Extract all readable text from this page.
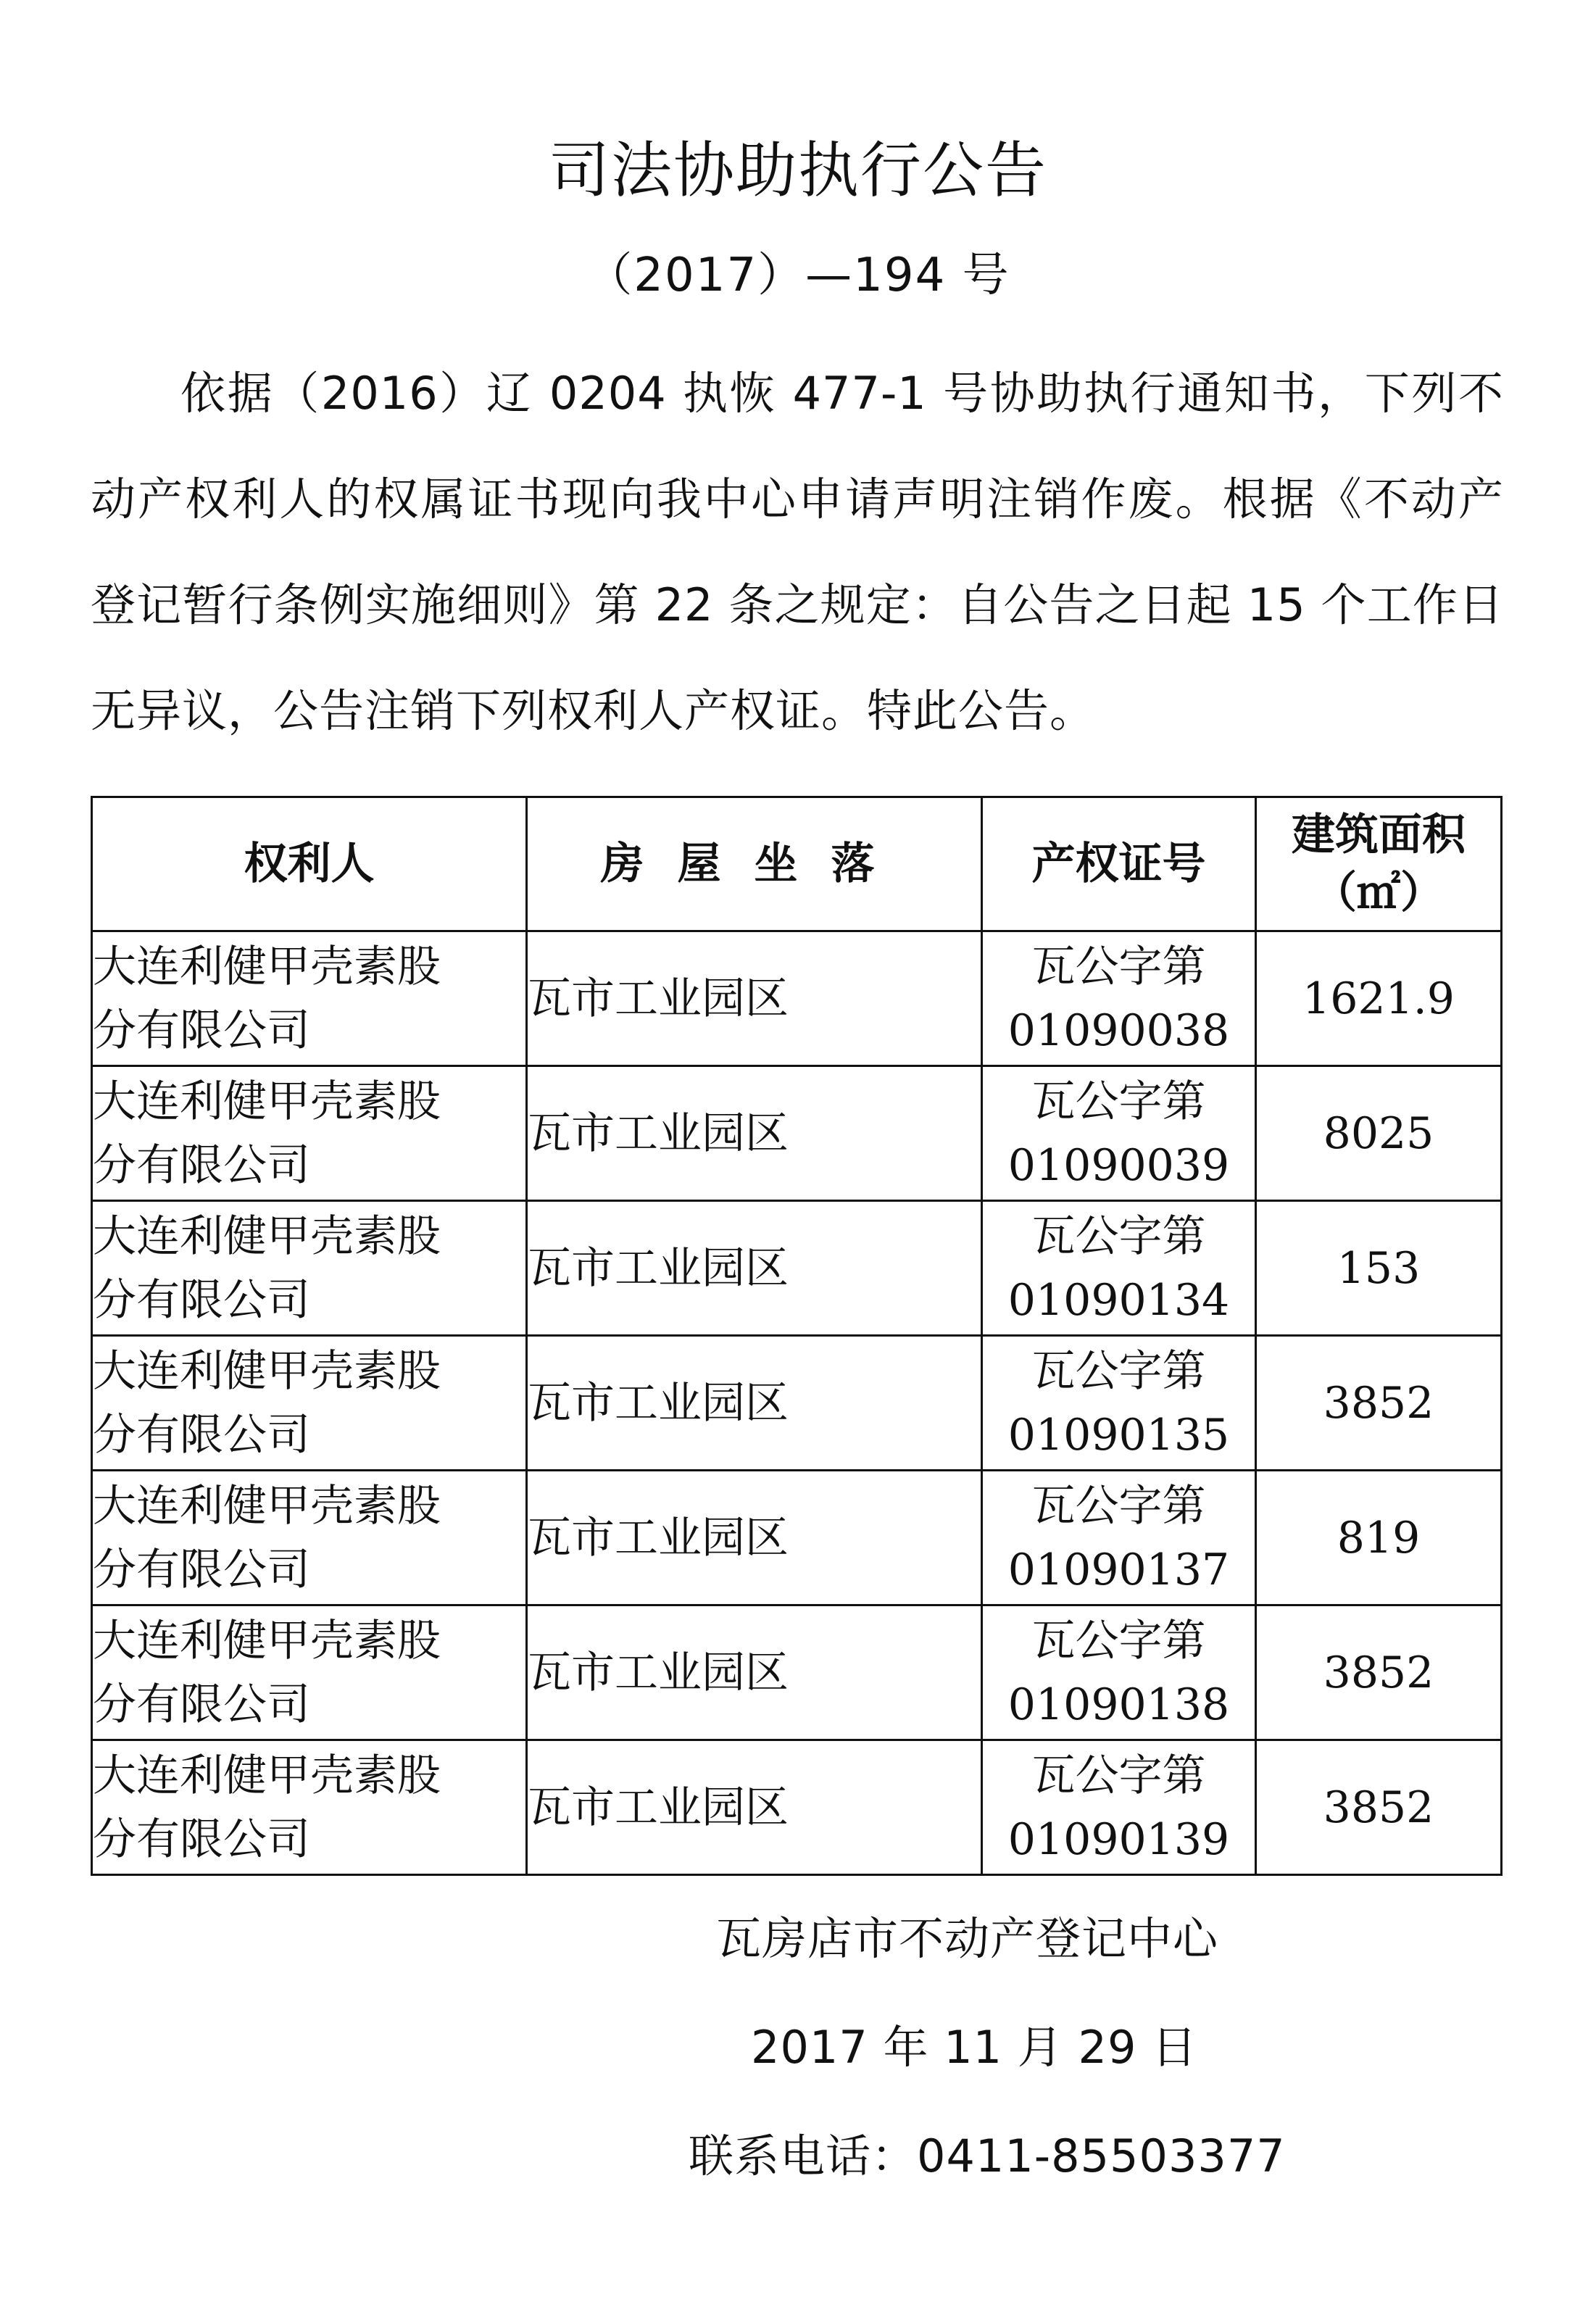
司法协助执行公告
（2017）—194 号
依据（2016）辽 0204 执恢 477-1 号协助执行通知书，下列不动产权利人的权属证书现向我中心申请声明注销作废。根据《不动产登记暂行条例实施细则》第 22 条之规定：自公告之日起 15 个工作日无异议，公告注销下列权利人产权证。特此公告。
权利人	房屋坐落	产权证号	建筑面积
（㎡）

大连利健甲壳素股
分有限公司	瓦市工业园区	瓦公字第
01090038	1621.9

大连利健甲壳素股
分有限公司	瓦市工业园区	瓦公字第
01090039	8025

大连利健甲壳素股
分有限公司	瓦市工业园区	瓦公字第
01090134	153

大连利健甲壳素股
分有限公司	瓦市工业园区	瓦公字第
01090135	3852

大连利健甲壳素股
分有限公司	瓦市工业园区	瓦公字第
01090137	819

大连利健甲壳素股
分有限公司	瓦市工业园区	瓦公字第
01090138	3852

大连利健甲壳素股
分有限公司	瓦市工业园区	瓦公字第
01090139	3852
瓦房店市不动产登记中心
2017 年 11 月 29 日
联系电话：0411-85503377
